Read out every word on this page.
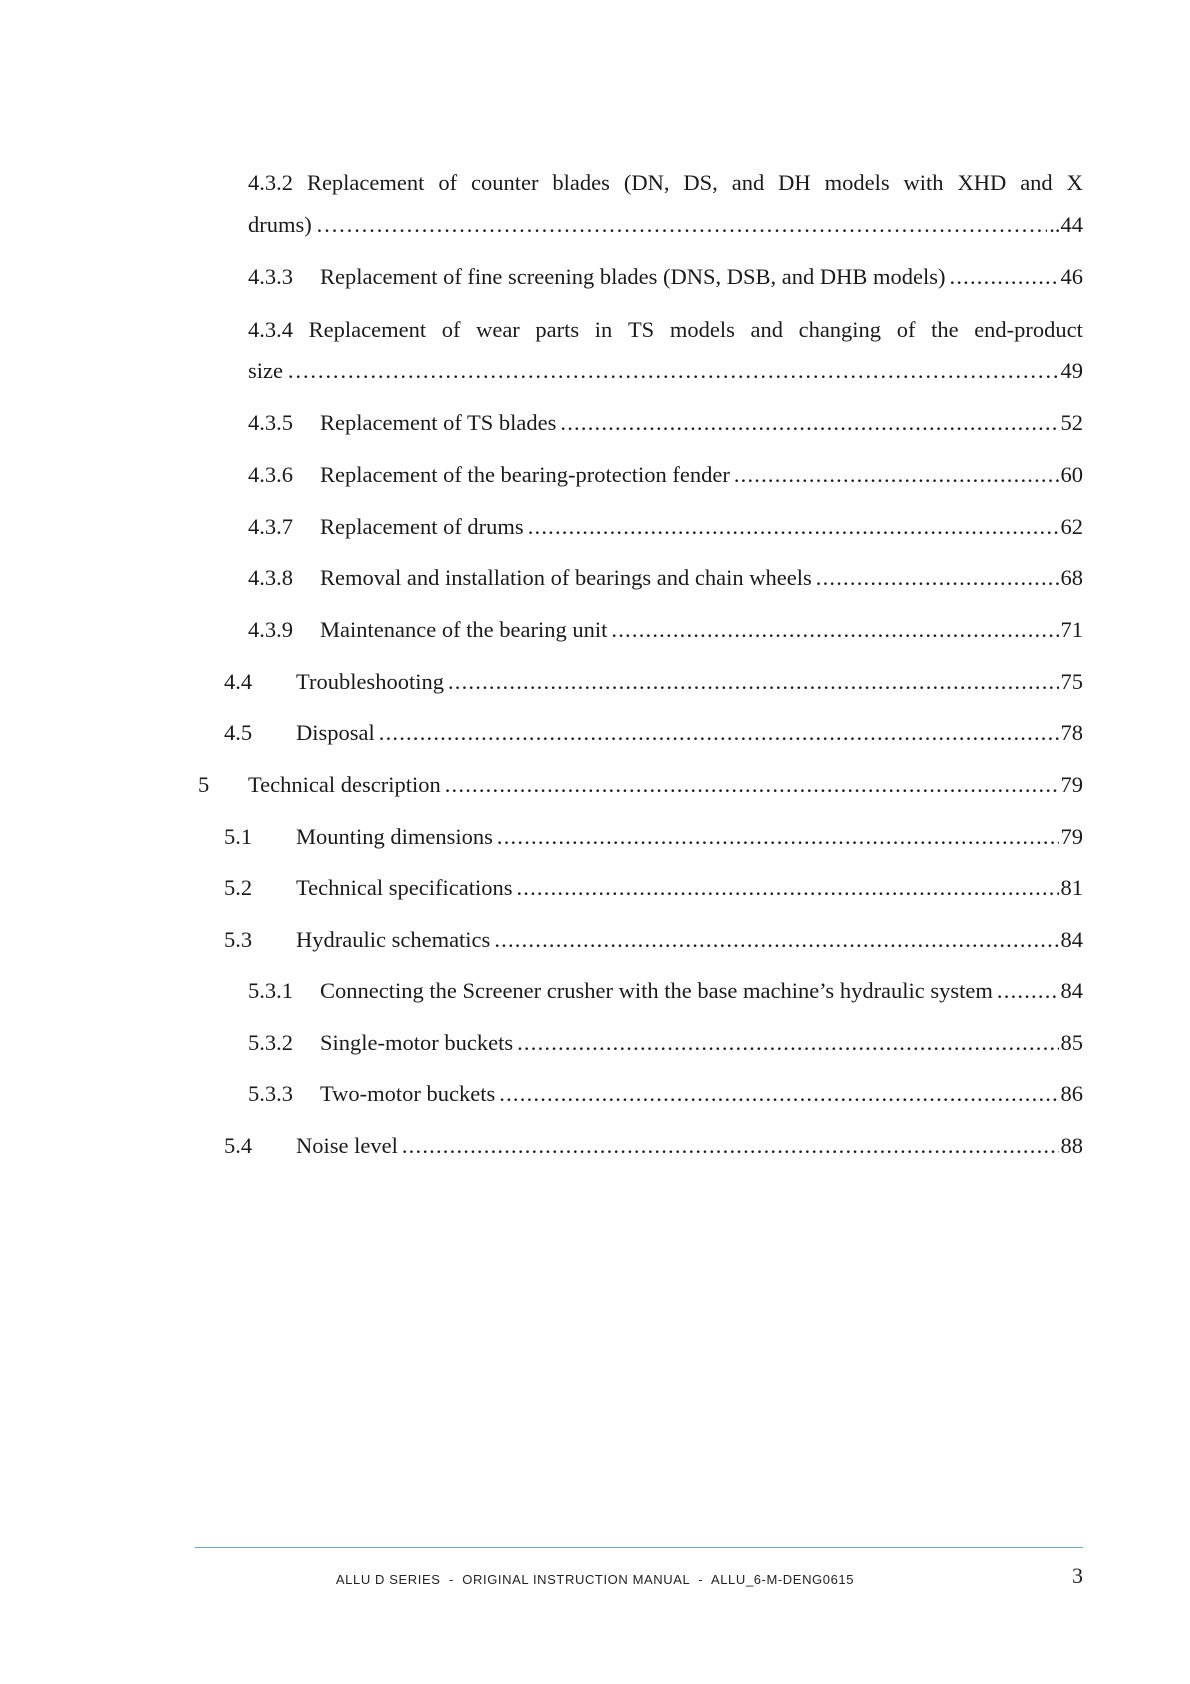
4.3.2 Replacement of counter blades (DN, DS, and DH models with XHD and X
drums) …………………………………………………………………………………………………………………………………………………………………………	..44
4.3.3	Replacement of fine screening blades (DNS, DSB, and DHB models) .....	46
4.3.4 Replacement of wear parts in TS models and changing of the end-product
size …………………………………………………………………………………………………………………………………………………………………………	49
4.3.5	Replacement of TS blades .....	52
4.3.6	Replacement of the bearing-protection fender .....	60
4.3.7	Replacement of drums .....	62
4.3.8	Removal and installation of bearings and chain wheels .....	68
4.3.9	Maintenance of the bearing unit .....	71
4.4	Troubleshooting .....	75
4.5	Disposal .....	78
5	Technical description .....	79
5.1	Mounting dimensions .....	79
5.2	Technical specifications .....	81
5.3	Hydraulic schematics .....	84
5.3.1	Connecting the Screener crusher with the base machine’s hydraulic system .....	84
5.3.2	Single-motor buckets .....	85
5.3.3	Two-motor buckets .....	86
5.4	Noise level .....	88
ALLU D SERIES  -  ORIGINAL INSTRUCTION MANUAL  -  ALLU_6-M-DENG0615	3
